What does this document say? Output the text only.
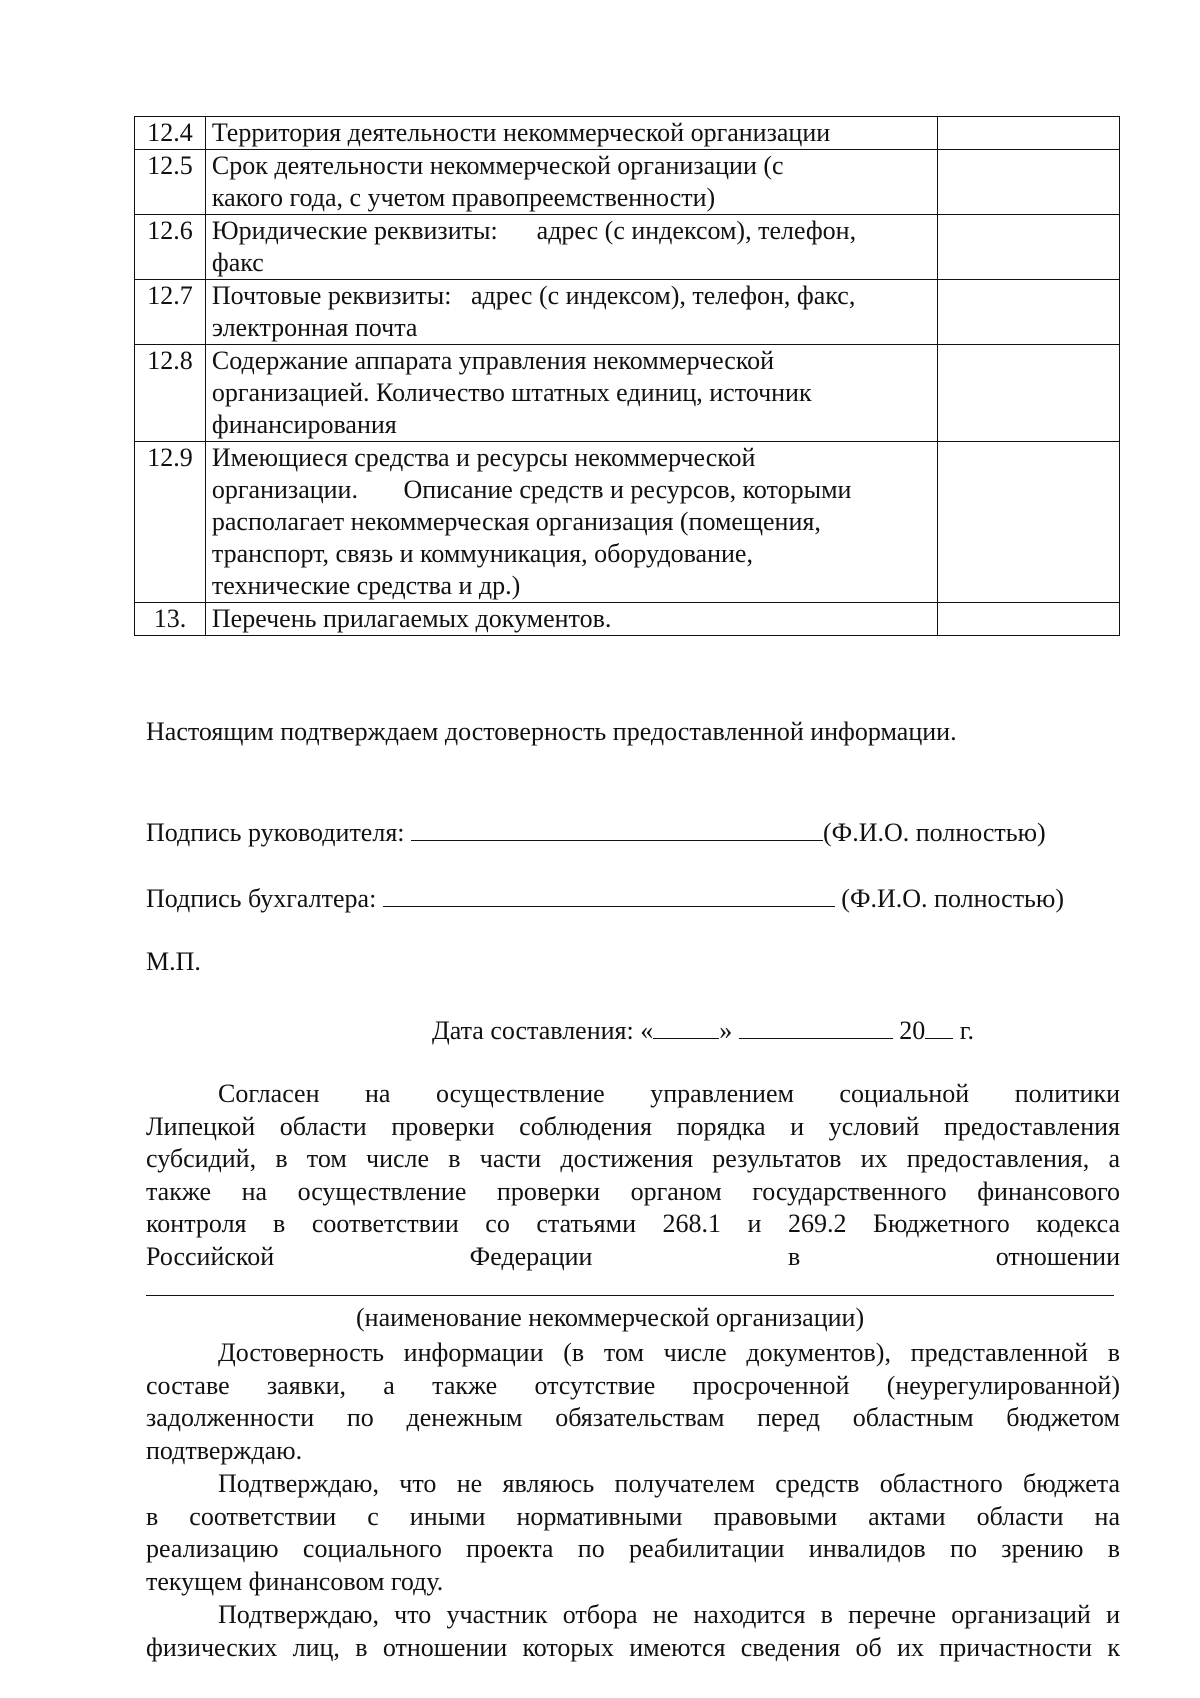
12.4	Территория деятельности некоммерческой организации	

12.5	Срок деятельности некоммерческой организации (с
какого года, с учетом правопреемственности)	

12.6	Юридические реквизиты:      адрес (с индексом), телефон,
факс	

12.7	Почтовые реквизиты:   адрес (с индексом), телефон, факс,
электронная почта	

12.8	Содержание аппарата управления некоммерческой
организацией. Количество штатных единиц, источник
финансирования	

12.9	Имеющиеся средства и ресурсы некоммерческой
организации.       Описание средств и ресурсов, которыми
располагает некоммерческая организация (помещения,
транспорт, связь и коммуникация, оборудование,
технические средства и др.)	

13.	Перечень прилагаемых документов.	

Настоящим подтверждаем достоверность предоставленной информации.
Подпись руководителя:	(Ф.И.О. полностью)
Подпись бухгалтера:	(Ф.И.О. полностью)
М.П.
Дата составления: «	»	20 г.
Согласен на осуществление управлением социальной политики
Липецкой области проверки соблюдения порядка и условий предоставления
субсидий, в том числе в части достижения результатов их предоставления, а
также на осуществление проверки органом государственного финансового
контроля в соответствии со статьями 268.1 и 269.2 Бюджетного кодекса
Российской Федерации в отношении
(наименование некоммерческой организации)
Достоверность информации (в том числе документов), представленной в
составе заявки, а также отсутствие просроченной (неурегулированной)
задолженности по денежным обязательствам перед областным бюджетом
подтверждаю.
Подтверждаю, что не являюсь получателем средств областного бюджета
в соответствии с иными нормативными правовыми актами области на
реализацию социального проекта по реабилитации инвалидов по зрению в
текущем финансовом году.
Подтверждаю, что участник отбора не находится в перечне организаций и
физических лиц, в отношении которых имеются сведения об их причастности к
